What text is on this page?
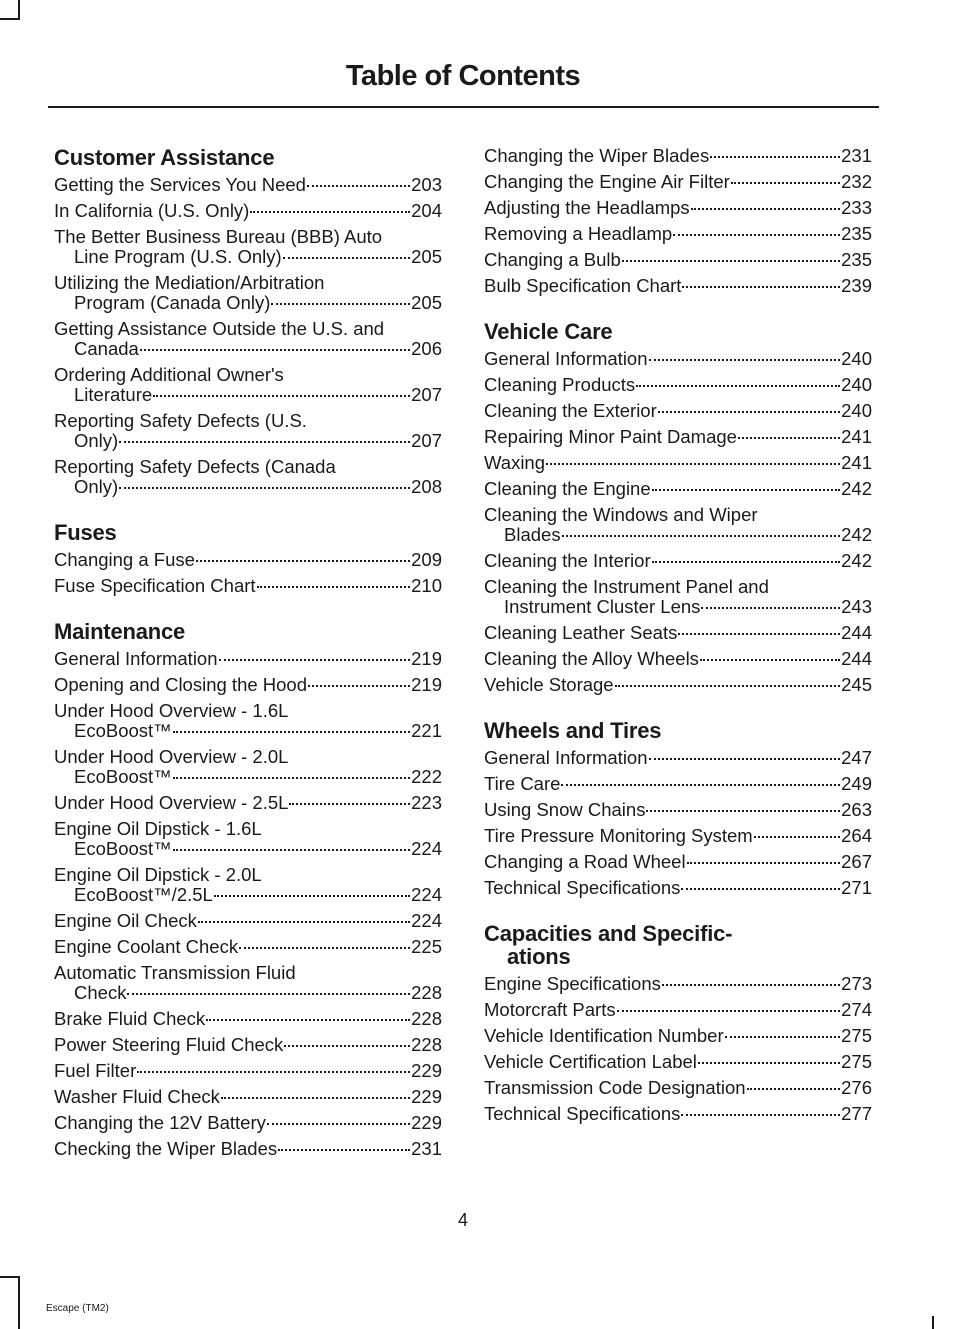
Table of Contents
Customer Assistance
Getting the Services You Need	203
In California (U.S. Only)	204
The Better Business Bureau (BBB) Auto
Line Program (U.S. Only)	205
Utilizing the Mediation/Arbitration
Program (Canada Only)	205
Getting Assistance Outside the U.S. and
Canada	206
Ordering Additional Owner's
Literature	207
Reporting Safety Defects (U.S.
Only)	207
Reporting Safety Defects (Canada
Only)	208
Fuses
Changing a Fuse	209
Fuse Specification Chart	210
Maintenance
General Information	219
Opening and Closing the Hood	219
Under Hood Overview - 1.6L
EcoBoost™	221
Under Hood Overview - 2.0L
EcoBoost™	222
Under Hood Overview - 2.5L	223
Engine Oil Dipstick - 1.6L
EcoBoost™	224
Engine Oil Dipstick - 2.0L
EcoBoost™/2.5L	224
Engine Oil Check	224
Engine Coolant Check	225
Automatic Transmission Fluid
Check	228
Brake Fluid Check	228
Power Steering Fluid Check	228
Fuel Filter	229
Washer Fluid Check	229
Changing the 12V Battery	229
Checking the Wiper Blades	231
Changing the Wiper Blades	231
Changing the Engine Air Filter	232
Adjusting the Headlamps	233
Removing a Headlamp	235
Changing a Bulb	235
Bulb Specification Chart	239
Vehicle Care
General Information	240
Cleaning Products	240
Cleaning the Exterior	240
Repairing Minor Paint Damage	241
Waxing	241
Cleaning the Engine	242
Cleaning the Windows and Wiper
Blades	242
Cleaning the Interior	242
Cleaning the Instrument Panel and
Instrument Cluster Lens	243
Cleaning Leather Seats	244
Cleaning the Alloy Wheels	244
Vehicle Storage	245
Wheels and Tires
General Information	247
Tire Care	249
Using Snow Chains	263
Tire Pressure Monitoring System	264
Changing a Road Wheel	267
Technical Specifications	271
Capacities and Specific-
ations
Engine Specifications	273
Motorcraft Parts	274
Vehicle Identification Number	275
Vehicle Certification Label	275
Transmission Code Designation	276
Technical Specifications	277
4
Escape (TM2)
